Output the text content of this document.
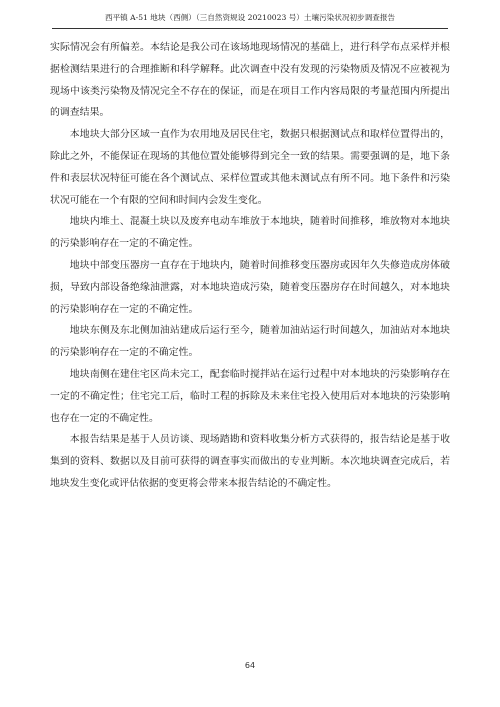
西平镇 A-51 地块（西侧）（三自然资规设 20210023 号）土壤污染状况初步调查报告

实际情况会有所偏差。本结论是我公司在该场地现场情况的基础上，进行科学布点采样并根据检测结果进行的合理推断和科学解释。此次调查中没有发现的污染物质及情况不应被视为现场中该类污染物及情况完全不存在的保证，而是在项目工作内容局限的考量范围内所提出的调查结果。

本地块大部分区域一直作为农用地及居民住宅，数据只根据测试点和取样位置得出的，除此之外，不能保证在现场的其他位置处能够得到完全一致的结果。需要强调的是，地下条件和表层状况特征可能在各个测试点、采样位置或其他未测试点有所不同。地下条件和污染状况可能在一个有限的空间和时间内会发生变化。

地块内堆土、混凝土块以及废弃电动车堆放于本地块，随着时间推移，堆放物对本地块的污染影响存在一定的不确定性。

地块中部变压器房一直存在于地块内，随着时间推移变压器房或因年久失修造成房体破损，导致内部设备绝缘油泄露，对本地块造成污染，随着变压器房存在时间越久，对本地块的污染影响存在一定的不确定性。

地块东侧及东北侧加油站建成后运行至今，随着加油站运行时间越久，加油站对本地块的污染影响存在一定的不确定性。

地块南侧在建住宅区尚未完工，配套临时搅拌站在运行过程中对本地块的污染影响存在一定的不确定性；住宅完工后，临时工程的拆除及未来住宅投入使用后对本地块的污染影响也存在一定的不确定性。

本报告结果是基于人员访谈、现场踏勘和资料收集分析方式获得的，报告结论是基于收集到的资料、数据以及目前可获得的调查事实而做出的专业判断。本次地块调查完成后，若地块发生变化或评估依据的变更将会带来本报告结论的不确定性。

64
